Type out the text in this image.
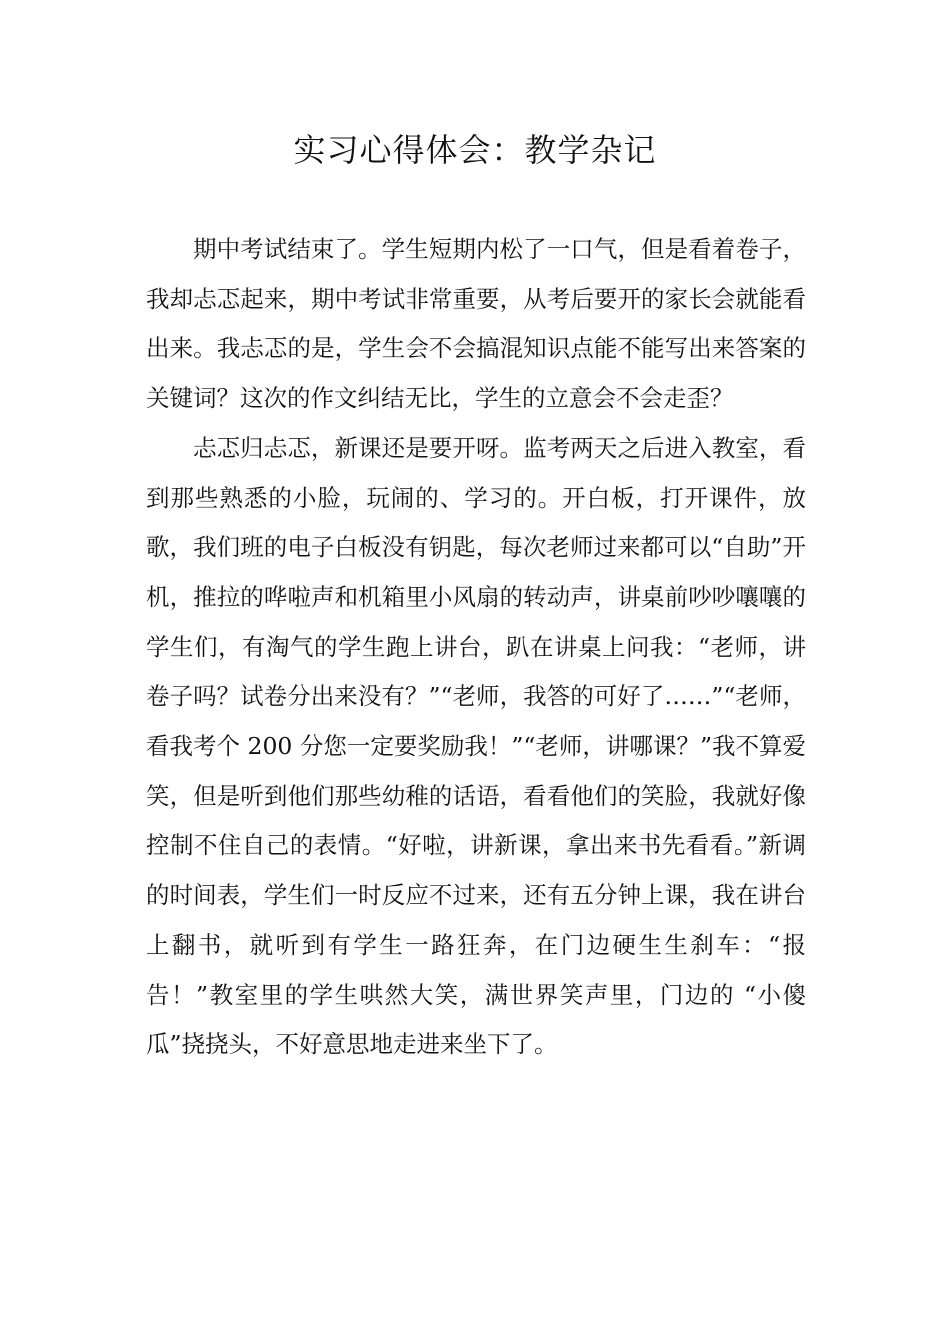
实习心得体会：教学杂记

期中考试结束了。学生短期内松了一口气，但是看着卷子，我却忐忑起来，期中考试非常重要，从考后要开的家长会就能看出来。我忐忑的是，学生会不会搞混知识点能不能写出来答案的关键词？这次的作文纠结无比，学生的立意会不会走歪？

忐忑归忐忑，新课还是要开呀。监考两天之后进入教室，看到那些熟悉的小脸，玩闹的、学习的。开白板，打开课件，放歌，我们班的电子白板没有钥匙，每次老师过来都可以“自助”开机，推拉的哗啦声和机箱里小风扇的转动声，讲桌前吵吵嚷嚷的学生们，有淘气的学生跑上讲台，趴在讲桌上问我：“老师，讲卷子吗？试卷分出来没有？”“老师，我答的可好了……”“老师，看我考个 200 分您一定要奖励我！”“老师，讲哪课？”我不算爱笑，但是听到他们那些幼稚的话语，看看他们的笑脸，我就好像控制不住自己的表情。“好啦，讲新课，拿出来书先看看。”新调的时间表，学生们一时反应不过来，还有五分钟上课，我在讲台上翻书，就听到有学生一路狂奔，在门边硬生生刹车：“报告！”教室里的学生哄然大笑，满世界笑声里，门边的 “小傻瓜”挠挠头，不好意思地走进来坐下了。
